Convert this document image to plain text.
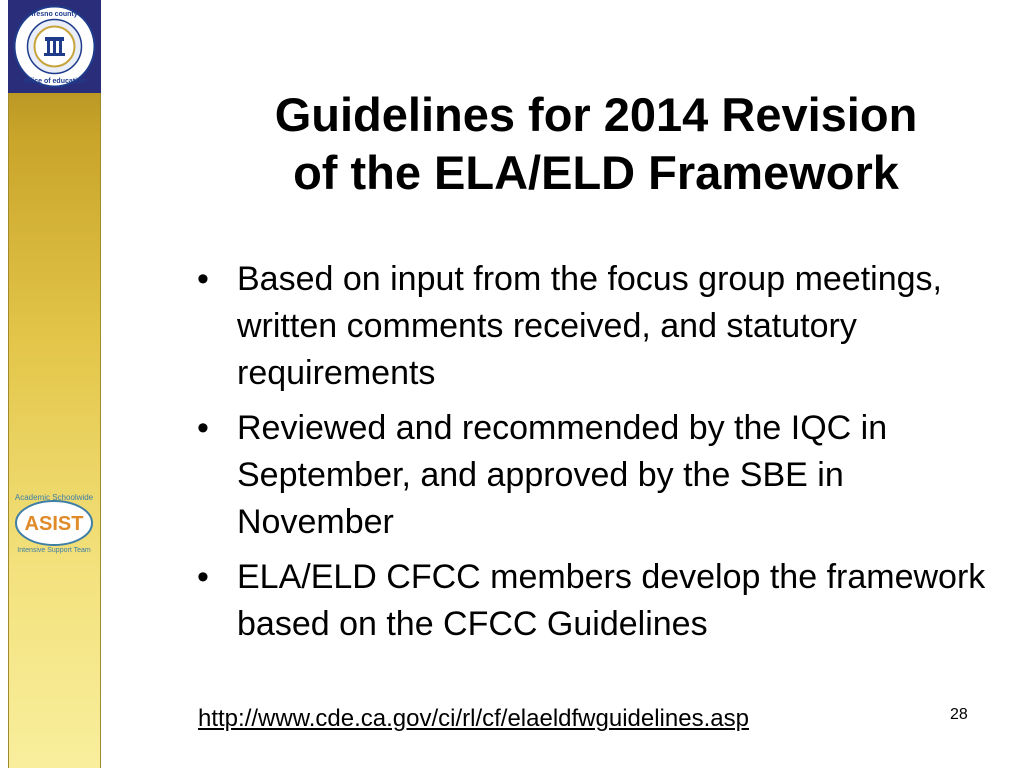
fresno county
office of education
Academic Schoolwide
ASIST
Intensive Support Team
Guidelines for 2014 Revision
of the ELA/ELD Framework
• Based on input from the focus group meetings, written comments received, and statutory requirements
• Reviewed and recommended by the IQC in September, and approved by the SBE in November
• ELA/ELD CFCC members develop the framework based on the CFCC Guidelines
http://www.cde.ca.gov/ci/rl/cf/elaeldfwguidelines.asp	28
